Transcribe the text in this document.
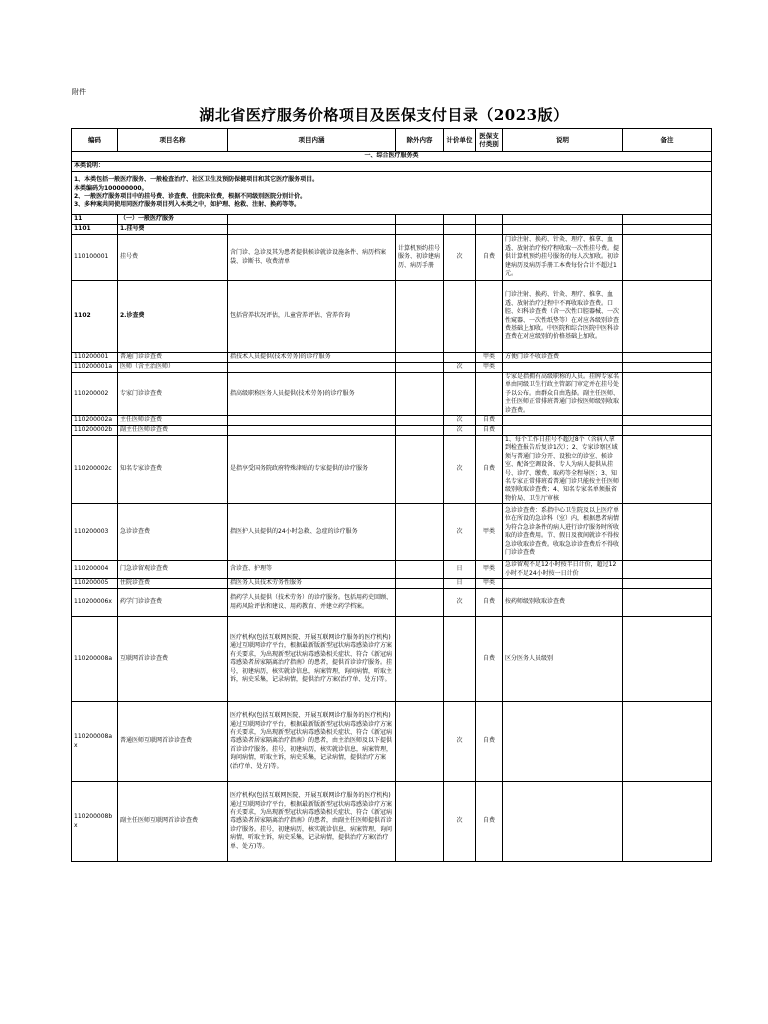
附件
湖北省医疗服务价格项目及医保支付目录（2023版）
编码	项目名称	项目内涵	除外内容	计价单位	医保支付类别	说明	备注
一、综合医疗服务类							
本类说明：							
1、本类包括一般医疗服务、一般检查治疗、社区卫生及预防保健项目和其它医疗服务项目。
本类编码为100000000。
2、一般医疗服务项目中的挂号费、诊查费、住院床位费，根据不同级别医院分别计价。
3、多种案共同使用同医疗服务项目列入本类之中，如护理、抢救、注射、换药等等。							
11	（一）一般医疗服务						
1101	1.挂号费						
110100001	挂号费	含门诊、急诊及其为患者提供候诊就诊设施条件、病历档案袋、诊断书、收费清单	计算机预约挂号服务、初诊建病历、病历手册	次	自费	门诊注射、换药、针灸、理疗、推拿、血透、放射治疗按疗程收取一次性挂号费。提供计算机预约挂号服务的每人次加收。初诊建病历及病历手册工本费每份合计不超过1元。	
1102	2.诊查费	包括营养状况评估，儿童营养评估、营养咨询				门诊注射、换药、针灸、理疗、推拿、血透、放射治疗过程中不再收取诊查费。口腔、妇科诊查费（含一次性口腔器械、一次性窥器、一次性纸垫等）在对应各级别诊查费基础上加收。中医院和综合医院中医科诊查费在对应级别的价格基础上加收。	
110200001	普通门诊诊查费	指技术人员提供(技术劳务)的诊疗服务			甲类	方便门诊不收诊查费	
110200001a	医师（含主治医师）			次	甲类		
110200002	专家门诊诊查费	指高级职称医务人员提供(技术劳务)的诊疗服务				专家是指拥有高级职称的人员。挂牌专家名单由同级卫生行政主管部门审定并在挂号处予以公布。由群众自由选择。副主任医师、主任医师正常排班普通门诊按医师级别收取诊查费。	
110200002a	主任医师诊查费			次	自费		
110200002b	副主任医师诊查费			次	自费		
110200002c	知名专家诊查费	是指享受国务院政府特殊津贴的专家提供的诊疗服务		次	自费	1、每个工作日挂号不超过8个（含病人拿到检查报告后复诊1次）；2、专家诊察区域须与普通门诊分开、设独立的诊室、候诊室、配备空调设备、专人为病人提供从挂号、诊疗、缴费、取药等全程导医；3、知名专家正常排班看普通门诊只能按主任医师级别收取诊查费；4、知名专家名单须报省物价局、卫生厅审核	
110200003	急诊诊查费	指医护人员提供的24小时急救、急症的诊疗服务		次	甲类	急诊诊查费：系指中心卫生院及以上医疗单位在所设的急诊科（室）内，根据患者病情为符合急诊条件的病人进行诊疗服务时所收取的诊查费用。节、假日及夜间就诊不得按急诊收取诊查费。收取急诊诊查费后不得收门诊诊查费	
110200004	门急诊留观诊查费	含诊查、护理等		日	甲类	急诊留观不足12小时按半日计价，超过12小时不足24小时按一日计价	
110200005	住院诊查费	指医务人员技术劳务性服务		日	甲类		
110200006x	药学门诊诊查费	指药学人员提供（技术劳务）的诊疗服务。包括用药史回顾、用药风险评估和建议、用药教育、并建立药学档案。		次	自费	按药师级别收取诊查费	
110200008a	互联网首诊诊查费	医疗机构(包括互联网医院、开展互联网诊疗服务的医疗机构)通过互联网诊疗平台，根据最新版新型冠状病毒感染诊疗方案有关要求，为出现新型冠状病毒感染相关症状、符合《新冠病毒感染者居家隔离治疗指南》的患者，提供首诊诊疗服务。挂号，初建病历，核实就诊信息，病案管理，询问病情，听取主诉，病史采集，记录病情，提供治疗方案(治疗单、处方)等。			自费	区分医务人员级别	
110200008ax	普通医师互联网首诊诊查费	医疗机构(包括互联网医院、开展互联网诊疗服务的医疗机构)通过互联网诊疗平台，根据最新版新型冠状病毒感染诊疗方案有关要求，为出现新型冠状病毒感染相关症状、符合《新冠病毒感染者居家隔离治疗指南》的患者，由主治医师及以下提供首诊诊疗服务。挂号，初建病历，核实就诊信息，病案管理，询问病情，听取主诉，病史采集，记录病情，提供治疗方案(治疗单、处方)等。		次	自费		
110200008bx	副主任医师互联网首诊诊查费	医疗机构(包括互联网医院、开展互联网诊疗服务的医疗机构)通过互联网诊疗平台，根据最新版新型冠状病毒感染诊疗方案有关要求，为出现新型冠状病毒感染相关症状、符合《新冠病毒感染者居家隔离治疗指南》的患者，由副主任医师提供首诊诊疗服务。挂号，初建病历，核实就诊信息，病案管理，询问病情，听取主诉，病史采集，记录病情，提供治疗方案(治疗单、处方)等。		次	自费		
